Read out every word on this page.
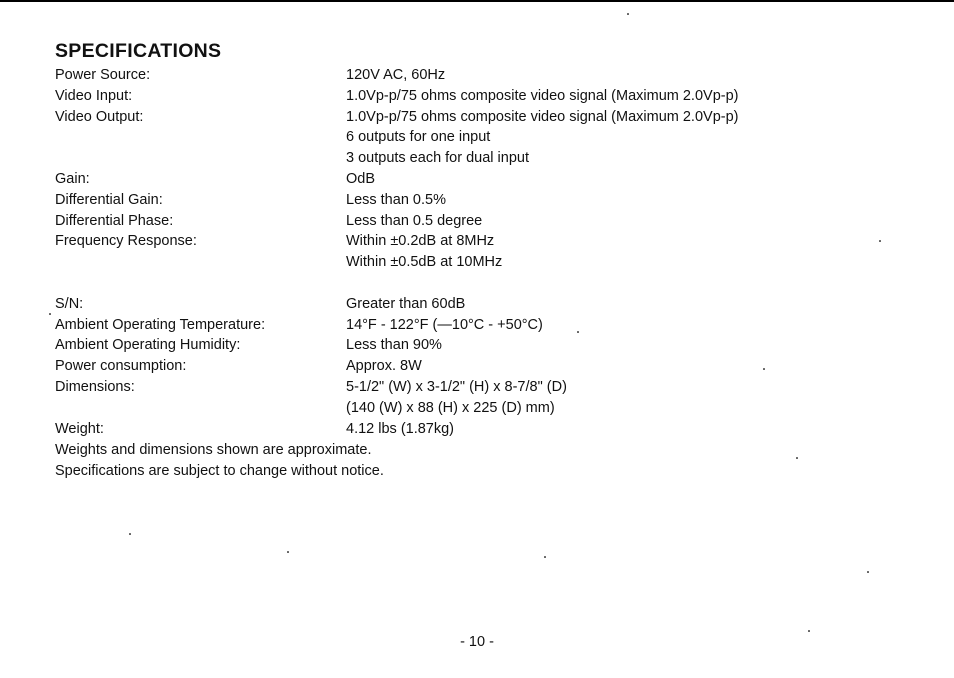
SPECIFICATIONS
Power Source:	120V AC, 60Hz
Video Input:	1.0Vp-p/75 ohms composite video signal (Maximum 2.0Vp-p)
Video Output:	1.0Vp-p/75 ohms composite video signal (Maximum 2.0Vp-p)
6 outputs for one input
3 outputs each for dual input
Gain:	OdB
Differential Gain:	Less than 0.5%
Differential Phase:	Less than 0.5 degree
Frequency Response:	Within ±0.2dB at 8MHz
Within ±0.5dB at 10MHz
S/N:	Greater than 60dB
Ambient Operating Temperature:	14°F - 122°F (—10°C - +50°C)
Ambient Operating Humidity:	Less than 90%
Power consumption:	Approx. 8W
Dimensions:	5-1/2" (W) x 3-1/2" (H) x 8-7/8" (D)
(140 (W) x 88 (H) x 225 (D) mm)
Weight:	4.12 lbs (1.87kg)
Weights and dimensions shown are approximate.
Specifications are subject to change without notice.
- 10 -
